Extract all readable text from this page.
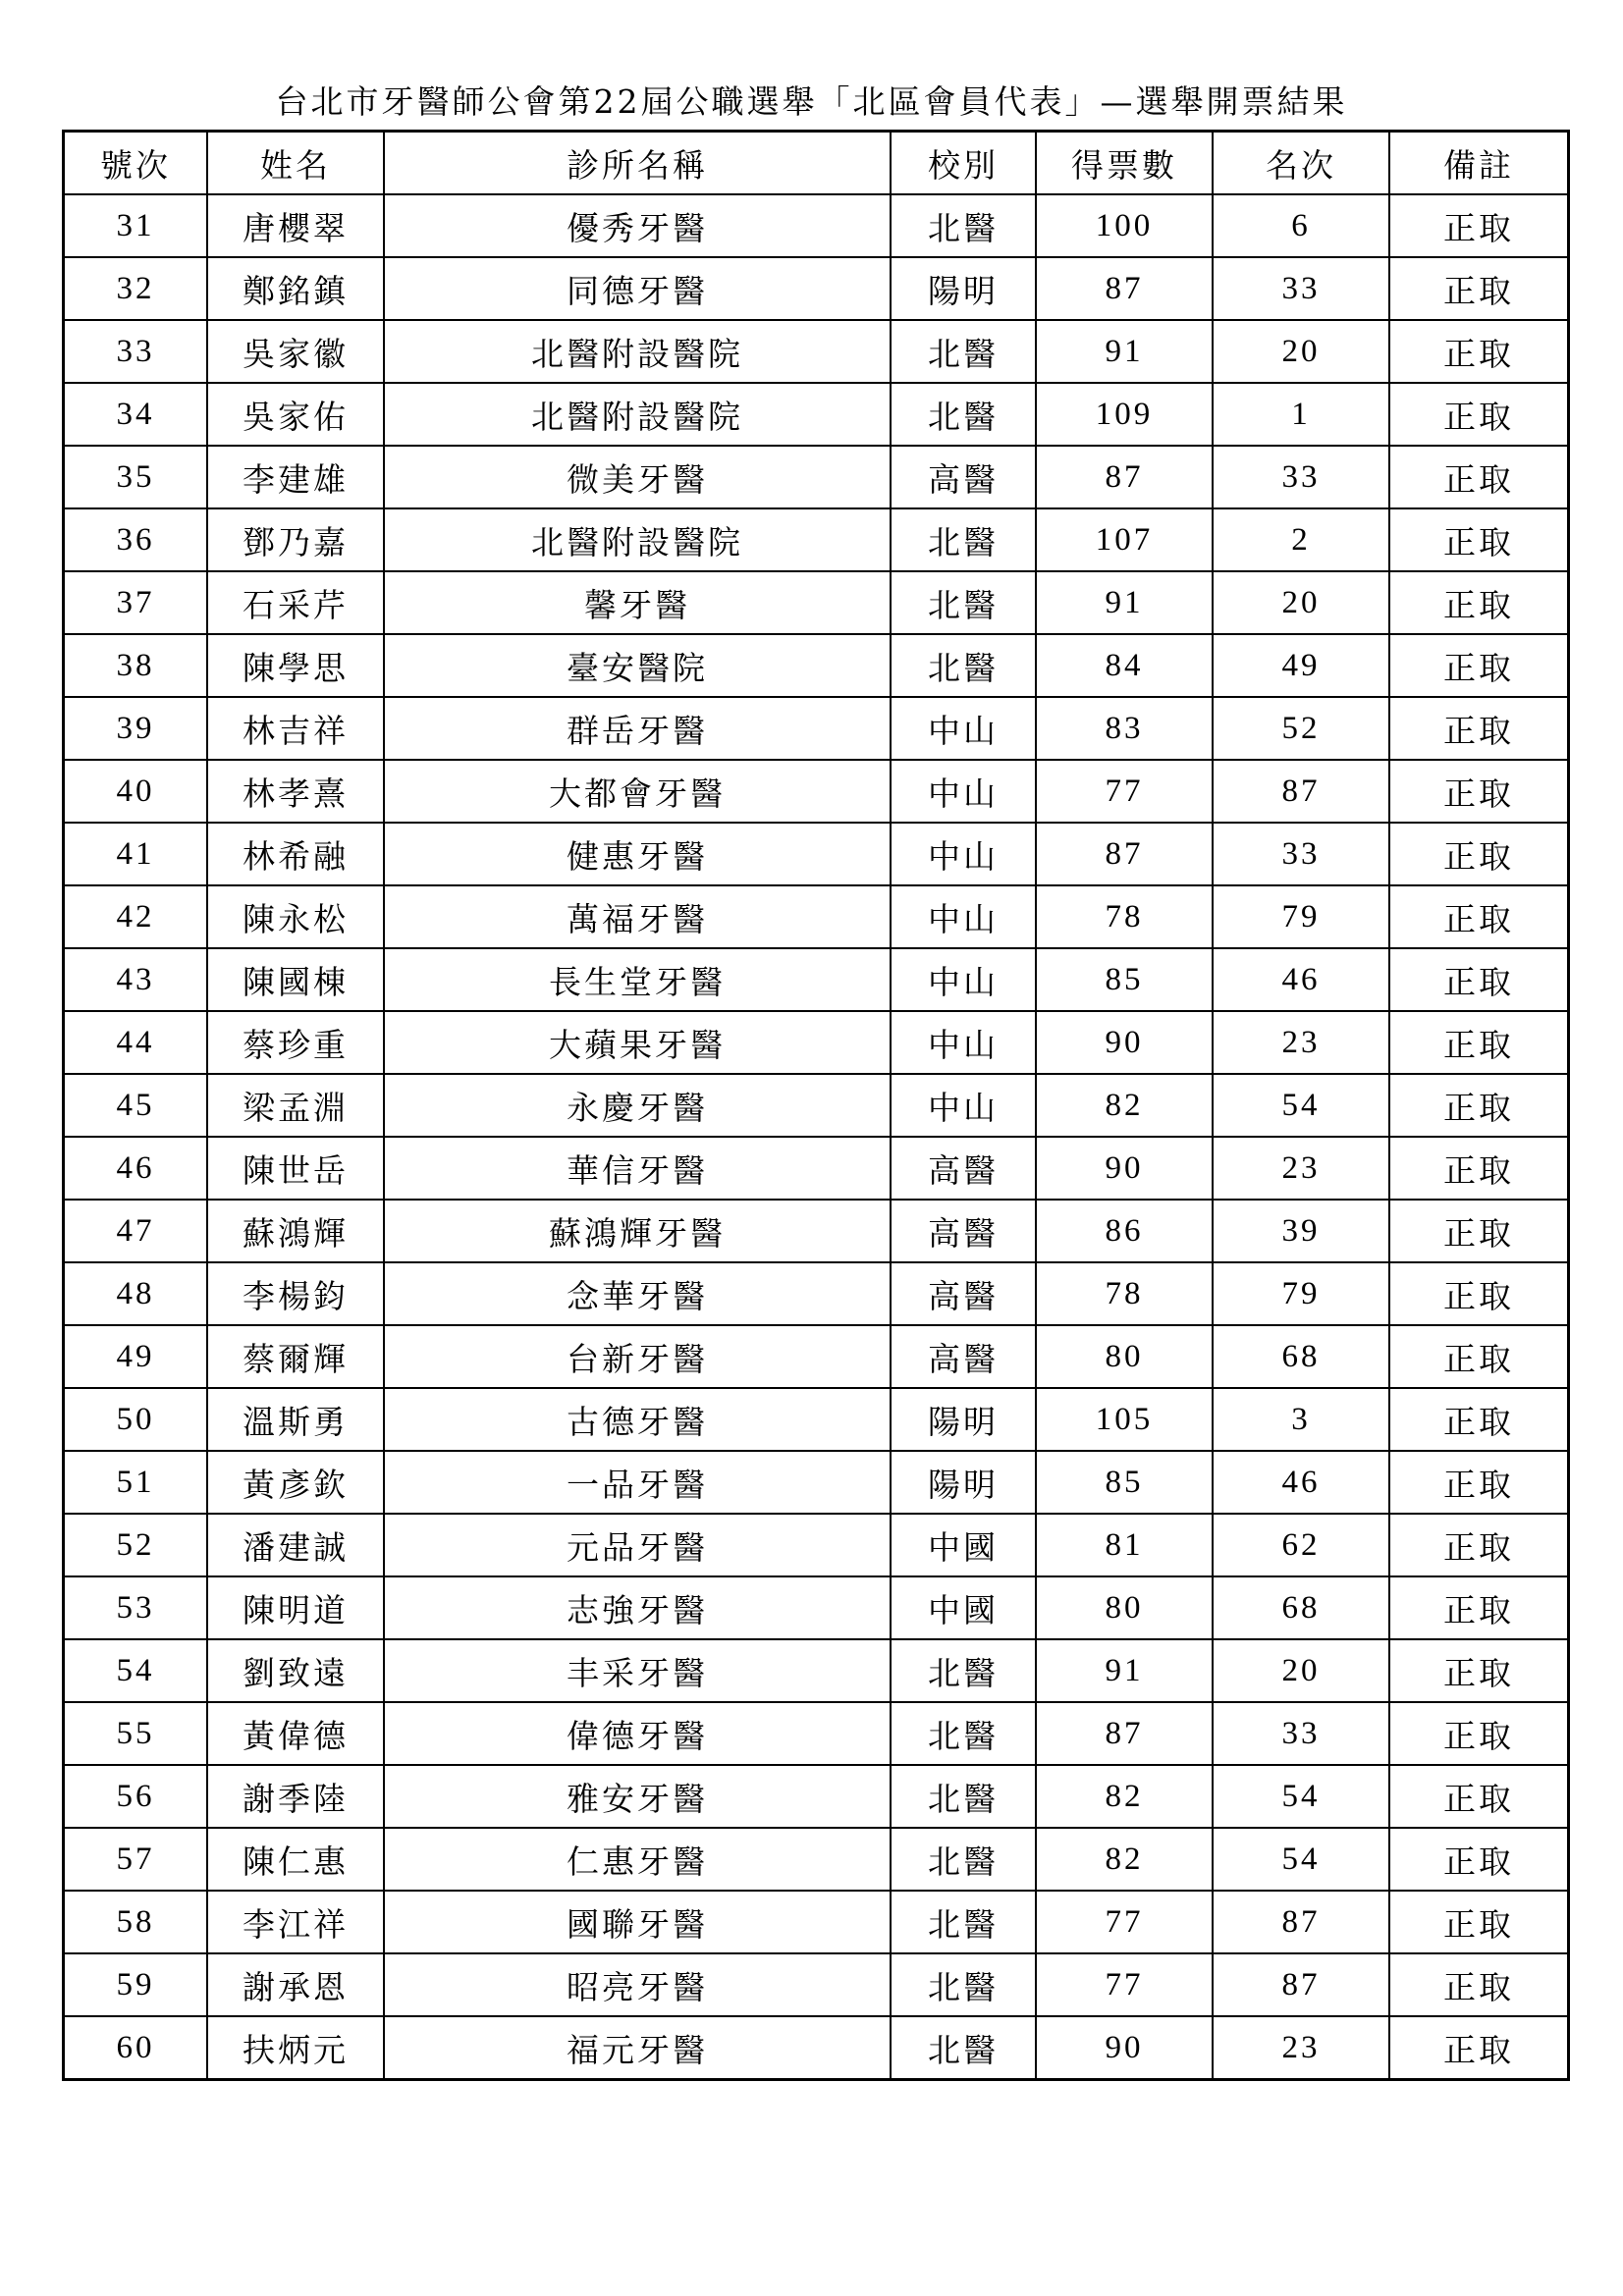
台北市牙醫師公會第22屆公職選舉「北區會員代表」—選舉開票結果
號次	姓名	診所名稱	校別	得票數	名次	備註
31	唐櫻翠	優秀牙醫	北醫	100	6	正取
32	鄭銘鎮	同德牙醫	陽明	87	33	正取
33	吳家徽	北醫附設醫院	北醫	91	20	正取
34	吳家佑	北醫附設醫院	北醫	109	1	正取
35	李建雄	微美牙醫	高醫	87	33	正取
36	鄧乃嘉	北醫附設醫院	北醫	107	2	正取
37	石采芹	馨牙醫	北醫	91	20	正取
38	陳學思	臺安醫院	北醫	84	49	正取
39	林吉祥	群岳牙醫	中山	83	52	正取
40	林孝熹	大都會牙醫	中山	77	87	正取
41	林希融	健惠牙醫	中山	87	33	正取
42	陳永松	萬福牙醫	中山	78	79	正取
43	陳國棟	長生堂牙醫	中山	85	46	正取
44	蔡珍重	大蘋果牙醫	中山	90	23	正取
45	梁孟淵	永慶牙醫	中山	82	54	正取
46	陳世岳	華信牙醫	高醫	90	23	正取
47	蘇鴻輝	蘇鴻輝牙醫	高醫	86	39	正取
48	李楊鈞	念華牙醫	高醫	78	79	正取
49	蔡爾輝	台新牙醫	高醫	80	68	正取
50	溫斯勇	古德牙醫	陽明	105	3	正取
51	黃彥欽	一品牙醫	陽明	85	46	正取
52	潘建誠	元品牙醫	中國	81	62	正取
53	陳明道	志強牙醫	中國	80	68	正取
54	劉致遠	丰采牙醫	北醫	91	20	正取
55	黃偉德	偉德牙醫	北醫	87	33	正取
56	謝季陸	雅安牙醫	北醫	82	54	正取
57	陳仁惠	仁惠牙醫	北醫	82	54	正取
58	李江祥	國聯牙醫	北醫	77	87	正取
59	謝承恩	昭亮牙醫	北醫	77	87	正取
60	扶炳元	福元牙醫	北醫	90	23	正取
